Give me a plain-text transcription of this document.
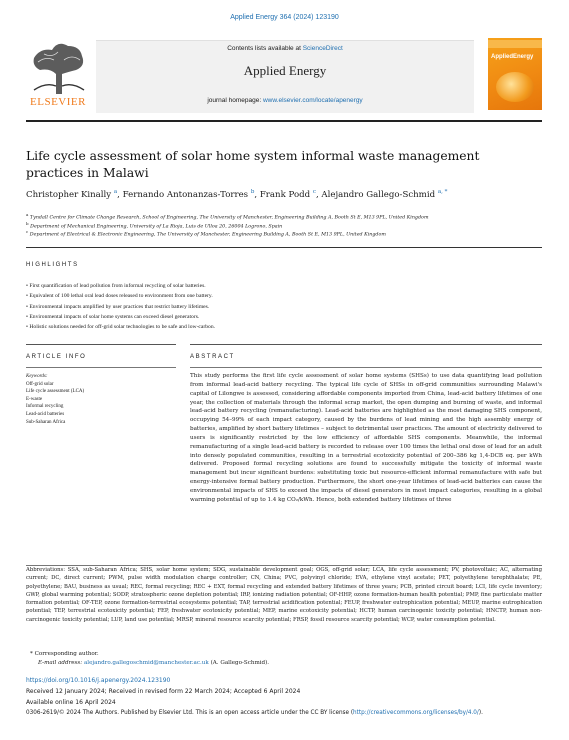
Applied Energy 364 (2024) 123190
ELSEVIER
Contents lists available at ScienceDirect
Applied Energy
journal homepage: www.elsevier.com/locate/apenergy
AppliedEnergy
Life cycle assessment of solar home system informal waste management practices in Malawi
Christopher Kinally $^a$, Fernando Antonanzas-Torres $^b$, Frank Podd $^c$, Alejandro Gallego-Schmid $^{a, *}$
$^a$ Tyndall Centre for Climate Change Research, School of Engineering, The University of Manchester, Engineering Building A, Booth St E, M13 9PL, United Kingdom
$^b$ Department of Mechanical Engineering, University of La Rioja, Luis de Ulloa 20, 26004 Logrono, Spain
$^c$ Department of Electrical & Electronic Engineering, The University of Manchester, Engineering Building A, Booth St E, M13 9PL, United Kingdom
HIGHLIGHTS
• First quantification of lead pollution from informal recycling of solar batteries.
• Equivalent of 100 lethal oral lead doses released to environment from one battery.
• Environmental impacts amplified by user practices that restrict battery lifetimes.
• Environmental impacts of solar home systems can exceed diesel generators.
• Holistic solutions needed for off-grid solar technologies to be safe and low-carbon.
ARTICLE INFO	ABSTRACT
Keywords:
Off-grid solar
Life cycle assessment (LCA)
E-waste
Informal recycling
Lead-acid batteries
Sub-Saharan Africa
This study performs the first life cycle assessment of solar home systems (SHSs) to use data quantifying lead pollution from informal lead-acid battery recycling. The typical life cycle of SHSs in off-grid communities surrounding Malawi's capital of Lilongwe is assessed, considering affordable components imported from China, lead-acid battery lifetimes of one year, the collection of materials through the informal scrap market, the open dumping and burning of waste, and informal lead-acid battery recycling (remanufacturing). Lead-acid batteries are highlighted as the most damaging SHS component, occupying 54–99% of each impact category, caused by the burdens of lead mining and the high assembly energy of batteries, amplified by short battery lifetimes – subject to detrimental user practices. The amount of electricity delivered to users is significantly restricted by the low efficiency of affordable SHS components. Meanwhile, the informal remanufacturing of a single lead-acid battery is recorded to release over 100 times the lethal oral dose of lead for an adult into densely populated communities, resulting in a terrestrial ecotoxicity potential of 200–386 kg 1,4-DCB eq. per kWh delivered. Proposed formal recycling solutions are found to successfully mitigate the toxicity of informal waste management but incur significant burdens: substituting toxic but resource-efficient informal remanufacture with safe but energy-intensive formal battery production. Furthermore, the short one-year lifetimes of lead-acid batteries can cause the environmental impacts of SHS to exceed the impacts of diesel generators in most impact categories, resulting in a global warming potential of up to 1.4 kg CO₂/kWh. Hence, both extended battery lifetimes of three
Abbreviations: SSA, sub-Saharan Africa; SHS, solar home system; SDG, sustainable development goal; OGS, off-grid solar; LCA, life cycle assessment; PV, photovoltaic; AC, alternating current; DC, direct current; PWM, pulse width modulation charge controller; CN, China; PVC, polyvinyl chloride; EVA, ethylene vinyl acetate; PET, polyethylene terephthalate; PE, polyethylene; BAU, business as usual; REC, formal recycling; REC + EXT, formal recycling and extended battery lifetimes of three years; PCB, printed circuit board; LCI, life cycle inventory; GWP, global warming potential; SODP, stratospheric ozone depletion potential; IRP, ionizing radiation potential; OF-HHP, ozone formation-human health potential; PMP, fine particulate matter formation potential; OF-TEP, ozone formation-terrestrial ecosystems potential; TAP, terrestrial acidification potential; FEUP, freshwater eutrophication potential; MEUP, marine eutrophication potential; TEP, terrestrial ecotoxicity potential; FEP, freshwater ecotoxicity potential; MEP, marine ecotoxicity potential; HCTP, human carcinogenic toxicity potential; HNCTP, human non-carcinogenic toxicity potential; LUP, land use potential; MRSP, mineral resource scarcity potential; FRSP, fossil resource scarcity potential; WCP, water consumption potential.
* Corresponding author.
E-mail address: alejandro.gallegoschmid@manchester.ac.uk (A. Gallego-Schmid).
https://doi.org/10.1016/j.apenergy.2024.123190
Received 12 January 2024; Received in revised form 22 March 2024; Accepted 6 April 2024
Available online 16 April 2024
0306-2619/© 2024 The Authors. Published by Elsevier Ltd. This is an open access article under the CC BY license (http://creativecommons.org/licenses/by/4.0/).
